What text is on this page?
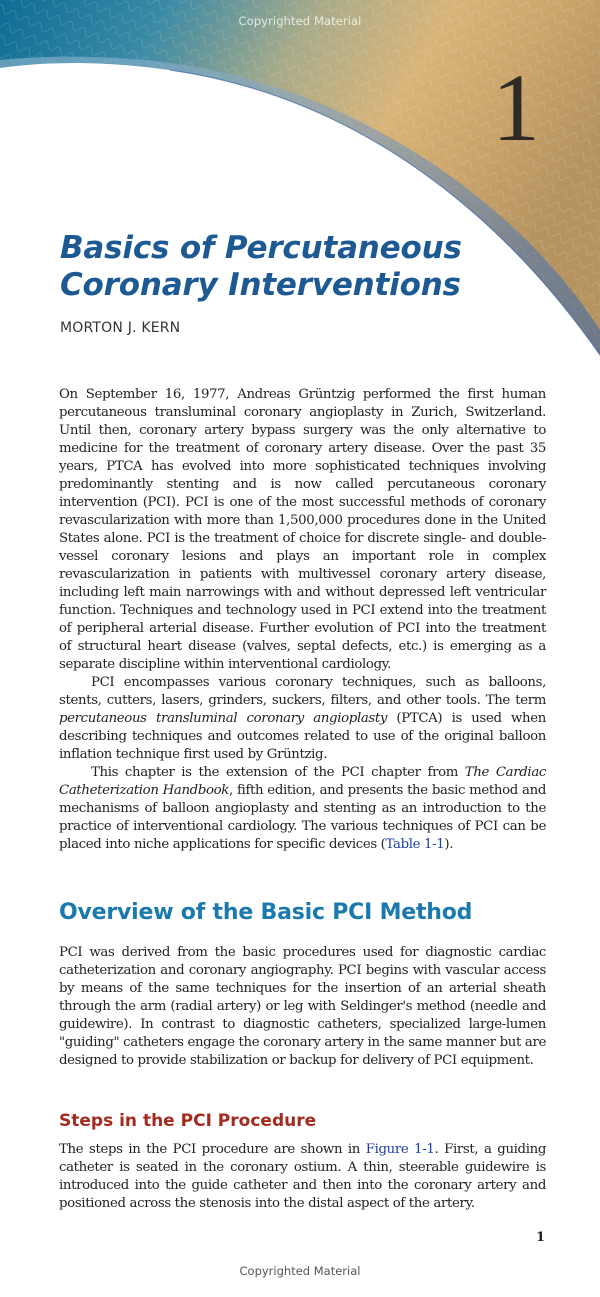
Copyrighted Material
1
Basics of Percutaneous Coronary Interventions
MORTON J. KERN

On September 16, 1977, Andreas Grüntzig performed the first human percutaneous transluminal coronary angioplasty in Zurich, Switzerland. Until then, coronary artery bypass surgery was the only alternative to medicine for the treatment of coronary artery disease. Over the past 35 years, PTCA has evolved into more sophisticated techniques involving predominantly stenting and is now called percutaneous coronary intervention (PCI). PCI is one of the most successful methods of coronary revascularization with more than 1,500,000 procedures done in the United States alone. PCI is the treatment of choice for discrete single- and double-vessel coronary lesions and plays an important role in complex revascularization in patients with multivessel coronary artery disease, including left main narrowings with and without depressed left ventricular function. Techniques and technology used in PCI extend into the treatment of peripheral arterial disease. Further evolution of PCI into the treatment of structural heart disease (valves, septal defects, etc.) is emerging as a separate discipline within interventional cardiology.

PCI encompasses various coronary techniques, such as balloons, stents, cutters, lasers, grinders, suckers, filters, and other tools. The term percutaneous transluminal coronary angioplasty (PTCA) is used when describing techniques and outcomes related to use of the original balloon inflation technique first used by Grüntzig.

This chapter is the extension of the PCI chapter from The Cardiac Catheterization Handbook, fifth edition, and presents the basic method and mechanisms of balloon angioplasty and stenting as an introduction to the practice of interventional cardiology. The various techniques of PCI can be placed into niche applications for specific devices (Table 1-1).

Overview of the Basic PCI Method

PCI was derived from the basic procedures used for diagnostic cardiac catheterization and coronary angiography. PCI begins with vascular access by means of the same techniques for the insertion of an arterial sheath through the arm (radial artery) or leg with Seldinger's method (needle and guidewire). In contrast to diagnostic catheters, specialized large-lumen "guiding" catheters engage the coronary artery in the same manner but are designed to provide stabilization or backup for delivery of PCI equipment.

Steps in the PCI Procedure

The steps in the PCI procedure are shown in Figure 1-1. First, a guiding catheter is seated in the coronary ostium. A thin, steerable guidewire is introduced into the guide catheter and then into the coronary artery and positioned across the stenosis into the distal aspect of the artery.

1
Copyrighted Material
